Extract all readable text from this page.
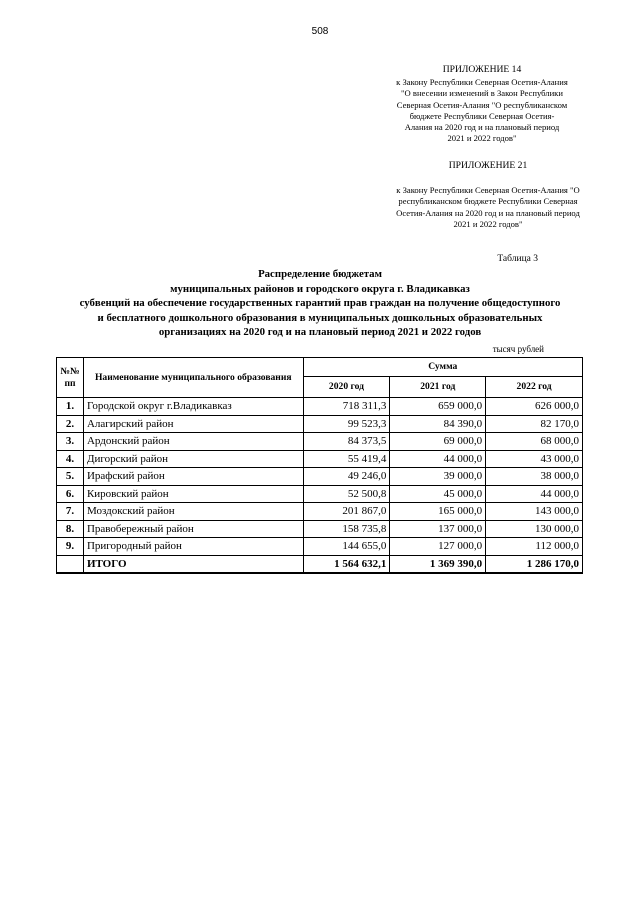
508
ПРИЛОЖЕНИЕ 14
к Закону Республики Северная Осетия-Алания
"О внесении изменений в Закон Республики
Северная Осетия-Алания "О республиканском
бюджете Республики Северная Осетия-
Алания на 2020 год и на плановый период
2021 и 2022 годов"
ПРИЛОЖЕНИЕ 21
к Закону Республики Северная Осетия-Алания "О
республиканском бюджете Республики Северная
Осетия-Алания на 2020 год и на плановый период
2021 и 2022 годов"
Таблица 3
Распределение бюджетам
муниципальных районов и городского округа г. Владикавказ
субвенций на обеспечение государственных гарантий прав граждан на получение общедоступного
и бесплатного дошкольного образования в муниципальных дошкольных образовательных
организациях на 2020 год и на плановый период 2021 и 2022 годов
тысяч рублей
№№ пп	Наименование муниципального образования	Сумма		
		2020 год	2021 год	2022 год
1.	Городской округ г.Владикавказ	718 311,3	659 000,0	626 000,0
2.	Алагирский район	99 523,3	84 390,0	82 170,0
3.	Ардонский район	84 373,5	69 000,0	68 000,0
4.	Дигорский район	55 419,4	44 000,0	43 000,0
5.	Ирафский район	49 246,0	39 000,0	38 000,0
6.	Кировский район	52 500,8	45 000,0	44 000,0
7.	Моздокский район	201 867,0	165 000,0	143 000,0
8.	Правобережный район	158 735,8	137 000,0	130 000,0
9.	Пригородный район	144 655,0	127 000,0	112 000,0
	ИТОГО	1 564 632,1	1 369 390,0	1 286 170,0
